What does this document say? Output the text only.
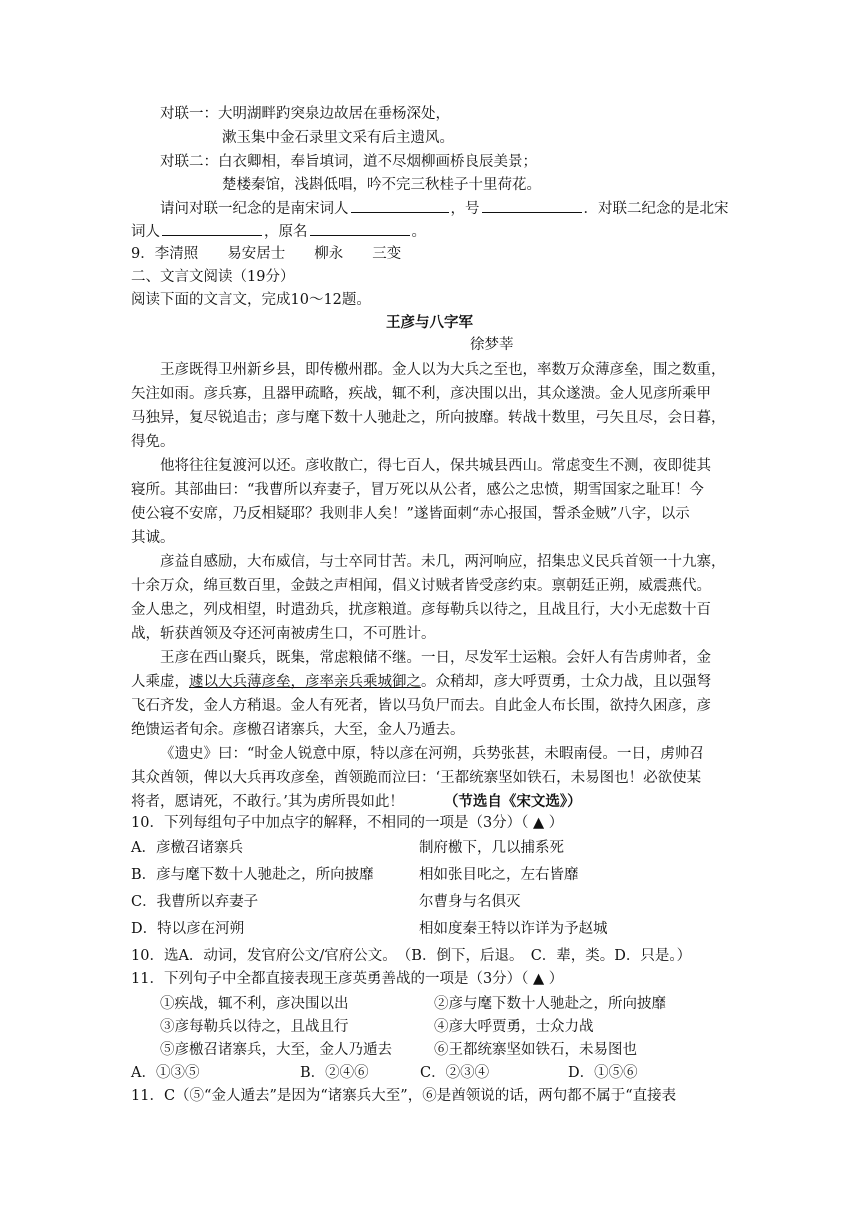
对联一：大明湖畔趵突泉边故居在垂杨深处，
漱玉集中金石录里文采有后主遗风。
对联二：白衣卿相，奉旨填词，道不尽烟柳画桥良辰美景；
楚楼秦馆，浅斟低唱，吟不完三秋桂子十里荷花。
请问对联一纪念的是南宋词人	，号	．对联二纪念的是北宋
词人	，原名	。
9．李清照　　易安居士　　柳永　　三变
二、文言文阅读（19分）
阅读下面的文言文，完成10～12题。
王彦与八字军
徐梦莘
王彦既得卫州新乡县，即传檄州郡。金人以为大兵之至也，率数万众薄彦垒，围之数重，
矢注如雨。彦兵寡，且器甲疏略，疾战，辄不利，彦决围以出，其众遂溃。金人见彦所乘甲
马独异，复尽锐追击；彦与麾下数十人驰赴之，所向披靡。转战十数里，弓矢且尽，会日暮，
得免。
他将往往复渡河以还。彦收散亡，得七百人，保共城县西山。常虑变生不测，夜即徙其
寝所。其部曲曰：“我曹所以弃妻子，冒万死以从公者，感公之忠愤，期雪国家之耻耳！今
使公寝不安席，乃反相疑耶？我则非人矣！”遂皆面刺“赤心报国，誓杀金贼”八字，以示
其诚。
彦益自感励，大布威信，与士卒同甘苦。未几，两河响应，招集忠义民兵首领一十九寨，
十余万众，绵亘数百里，金鼓之声相闻，倡义讨贼者皆受彦约束。禀朝廷正朔，威震燕代。
金人患之，列戍相望，时遣劲兵，扰彦粮道。彦每勒兵以待之，且战且行，大小无虑数十百
战，斩获酋领及夺还河南被虏生口，不可胜计。
王彦在西山聚兵，既集，常虑粮储不继。一日，尽发军士运粮。会奸人有告虏帅者，金
人乘虚，遽以大兵薄彦垒，彦率亲兵乘城御之。众稍却，彦大呼贾勇，士众力战，且以强弩
飞石齐发，金人方稍退。金人有死者，皆以马负尸而去。自此金人布长围，欲持久困彦，彦
绝馈运者旬余。彦檄召诸寨兵，大至，金人乃遁去。
《遗史》曰：“时金人锐意中原，特以彦在河朔，兵势张甚，未暇南侵。一日，虏帅召
其众酋领，俾以大兵再攻彦垒，酋领跪而泣曰：‘王都统寨坚如铁石，未易图也！必欲使某
将者，愿请死，不敢行。’其为虏所畏如此！	（节选自《宋文选》）
10．下列每组句子中加点字的解释，不相同的一项是（3分）（ ▲ ）
A．彦檄召诸寨兵	制府檄下，几以捕系死
B．彦与麾下数十人驰赴之，所向披靡	相如张目叱之，左右皆靡
C．我曹所以弃妻子	尔曹身与名俱灭
D．特以彦在河朔	相如度秦王特以诈详为予赵城
10．选A．动词，发官府公文/官府公文。　（B．倒下，后退。　C．辈，类。D．只是。）
11．下列句子中全都直接表现王彦英勇善战的一项是（3分）（ ▲ ）
①疾战，辄不利，彦决围以出	②彦与麾下数十人驰赴之，所向披靡
③彦每勒兵以待之，且战且行	④彦大呼贾勇，士众力战
⑤彦檄召诸寨兵，大至，金人乃遁去	⑥王都统寨坚如铁石，未易图也
A．①③⑤	B．②④⑥	C．②③④	D．①⑤⑥
11．C（⑤“金人遁去”是因为“诸寨兵大至”，⑥是酋领说的话，两句都不属于“直接表
